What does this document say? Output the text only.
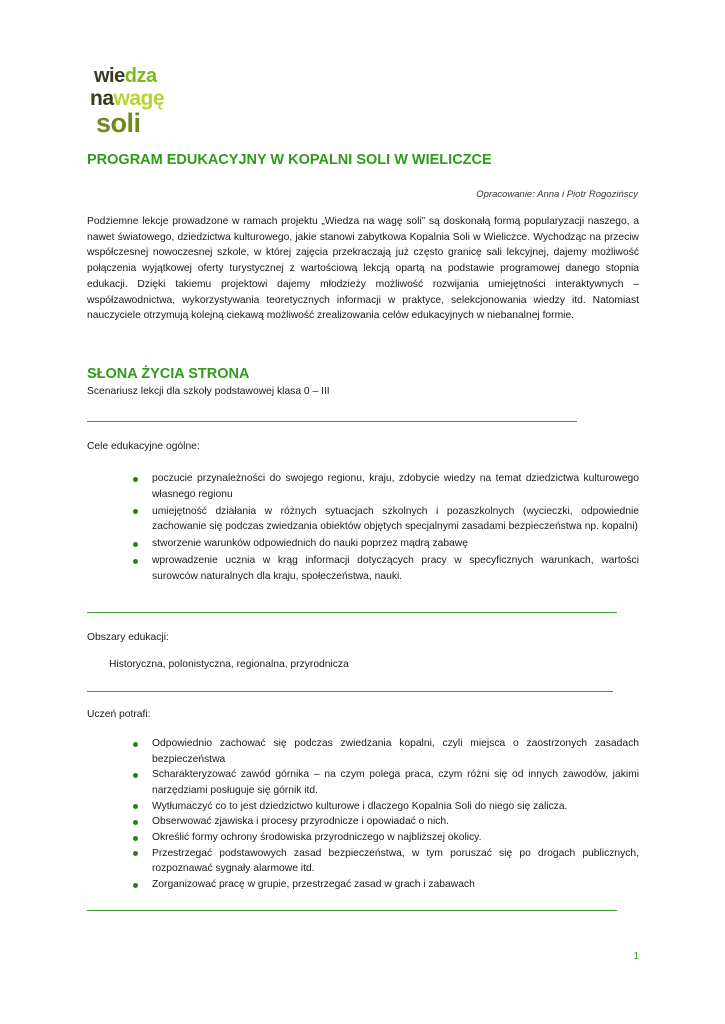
wiedza
nawagę
soli
PROGRAM EDUKACYJNY W KOPALNI SOLI W WIELICZCE
Opracowanie: Anna i Piotr Rogozińscy

Podziemne lekcje prowadzone w ramach projektu „Wiedza na wagę soli” są doskonałą formą popularyzacji naszego, a nawet światowego, dziedzictwa kulturowego, jakie stanowi zabytkowa Kopalnia Soli w Wieliczce. Wychodząc na przeciw współczesnej nowoczesnej szkole, w której zajęcia przekraczają już często granicę sali lekcyjnej, dajemy możliwość połączenia wyjątkowej oferty turystycznej z wartościową lekcją opartą na podstawie programowej danego stopnia edukacji. Dzięki takiemu projektowi dajemy młodzieży możliwość rozwijania umiejętności interaktywnych – współzawodnictwa, wykorzystywania teoretycznych informacji w praktyce, selekcjonowania wiedzy itd. Natomiast nauczyciele otrzymują kolejną ciekawą możliwość zrealizowania celów edukacyjnych w niebanalnej formie.

SŁONA ŻYCIA STRONA
Scenariusz lekcji dla szkoły podstawowej klasa 0 – III
Cele edukacyjne ogólne:
poczucie przynależności do swojego regionu, kraju, zdobycie wiedzy na temat dziedzictwa kulturowego własnego regionu
umiejętność działania w różnych sytuacjach szkolnych i pozaszkolnych (wycieczki, odpowiednie zachowanie się podczas zwiedzania obiektów objętych specjalnymi zasadami bezpieczeństwa np. kopalni)
stworzenie warunków odpowiednich do nauki poprzez mądrą zabawę
wprowadzenie ucznia w krąg informacji dotyczących pracy w specyficznych warunkach, wartości surowców naturalnych dla kraju, społeczeństwa, nauki.
Obszary edukacji:
Historyczna, polonistyczna, regionalna, przyrodnicza
Uczeń potrafi:
Odpowiednio zachować się podczas zwiedzania kopalni, czyli miejsca o zaostrzonych zasadach bezpieczeństwa
Scharakteryzować zawód górnika – na czym polega praca, czym różni się od innych zawodów, jakimi narzędziami posługuje się górnik itd.
Wytłumaczyć co to jest dziedzictwo kulturowe i dlaczego Kopalnia Soli do niego się zalicza.
Obserwować zjawiska i procesy przyrodnicze i opowiadać o nich.
Określić formy ochrony środowiska przyrodniczego w najbliższej okolicy.
Przestrzegać podstawowych zasad bezpieczeństwa, w tym poruszać się po drogach publicznych, rozpoznawać sygnały alarmowe itd.
Zorganizować pracę w grupie, przestrzegać zasad w grach i zabawach
1
